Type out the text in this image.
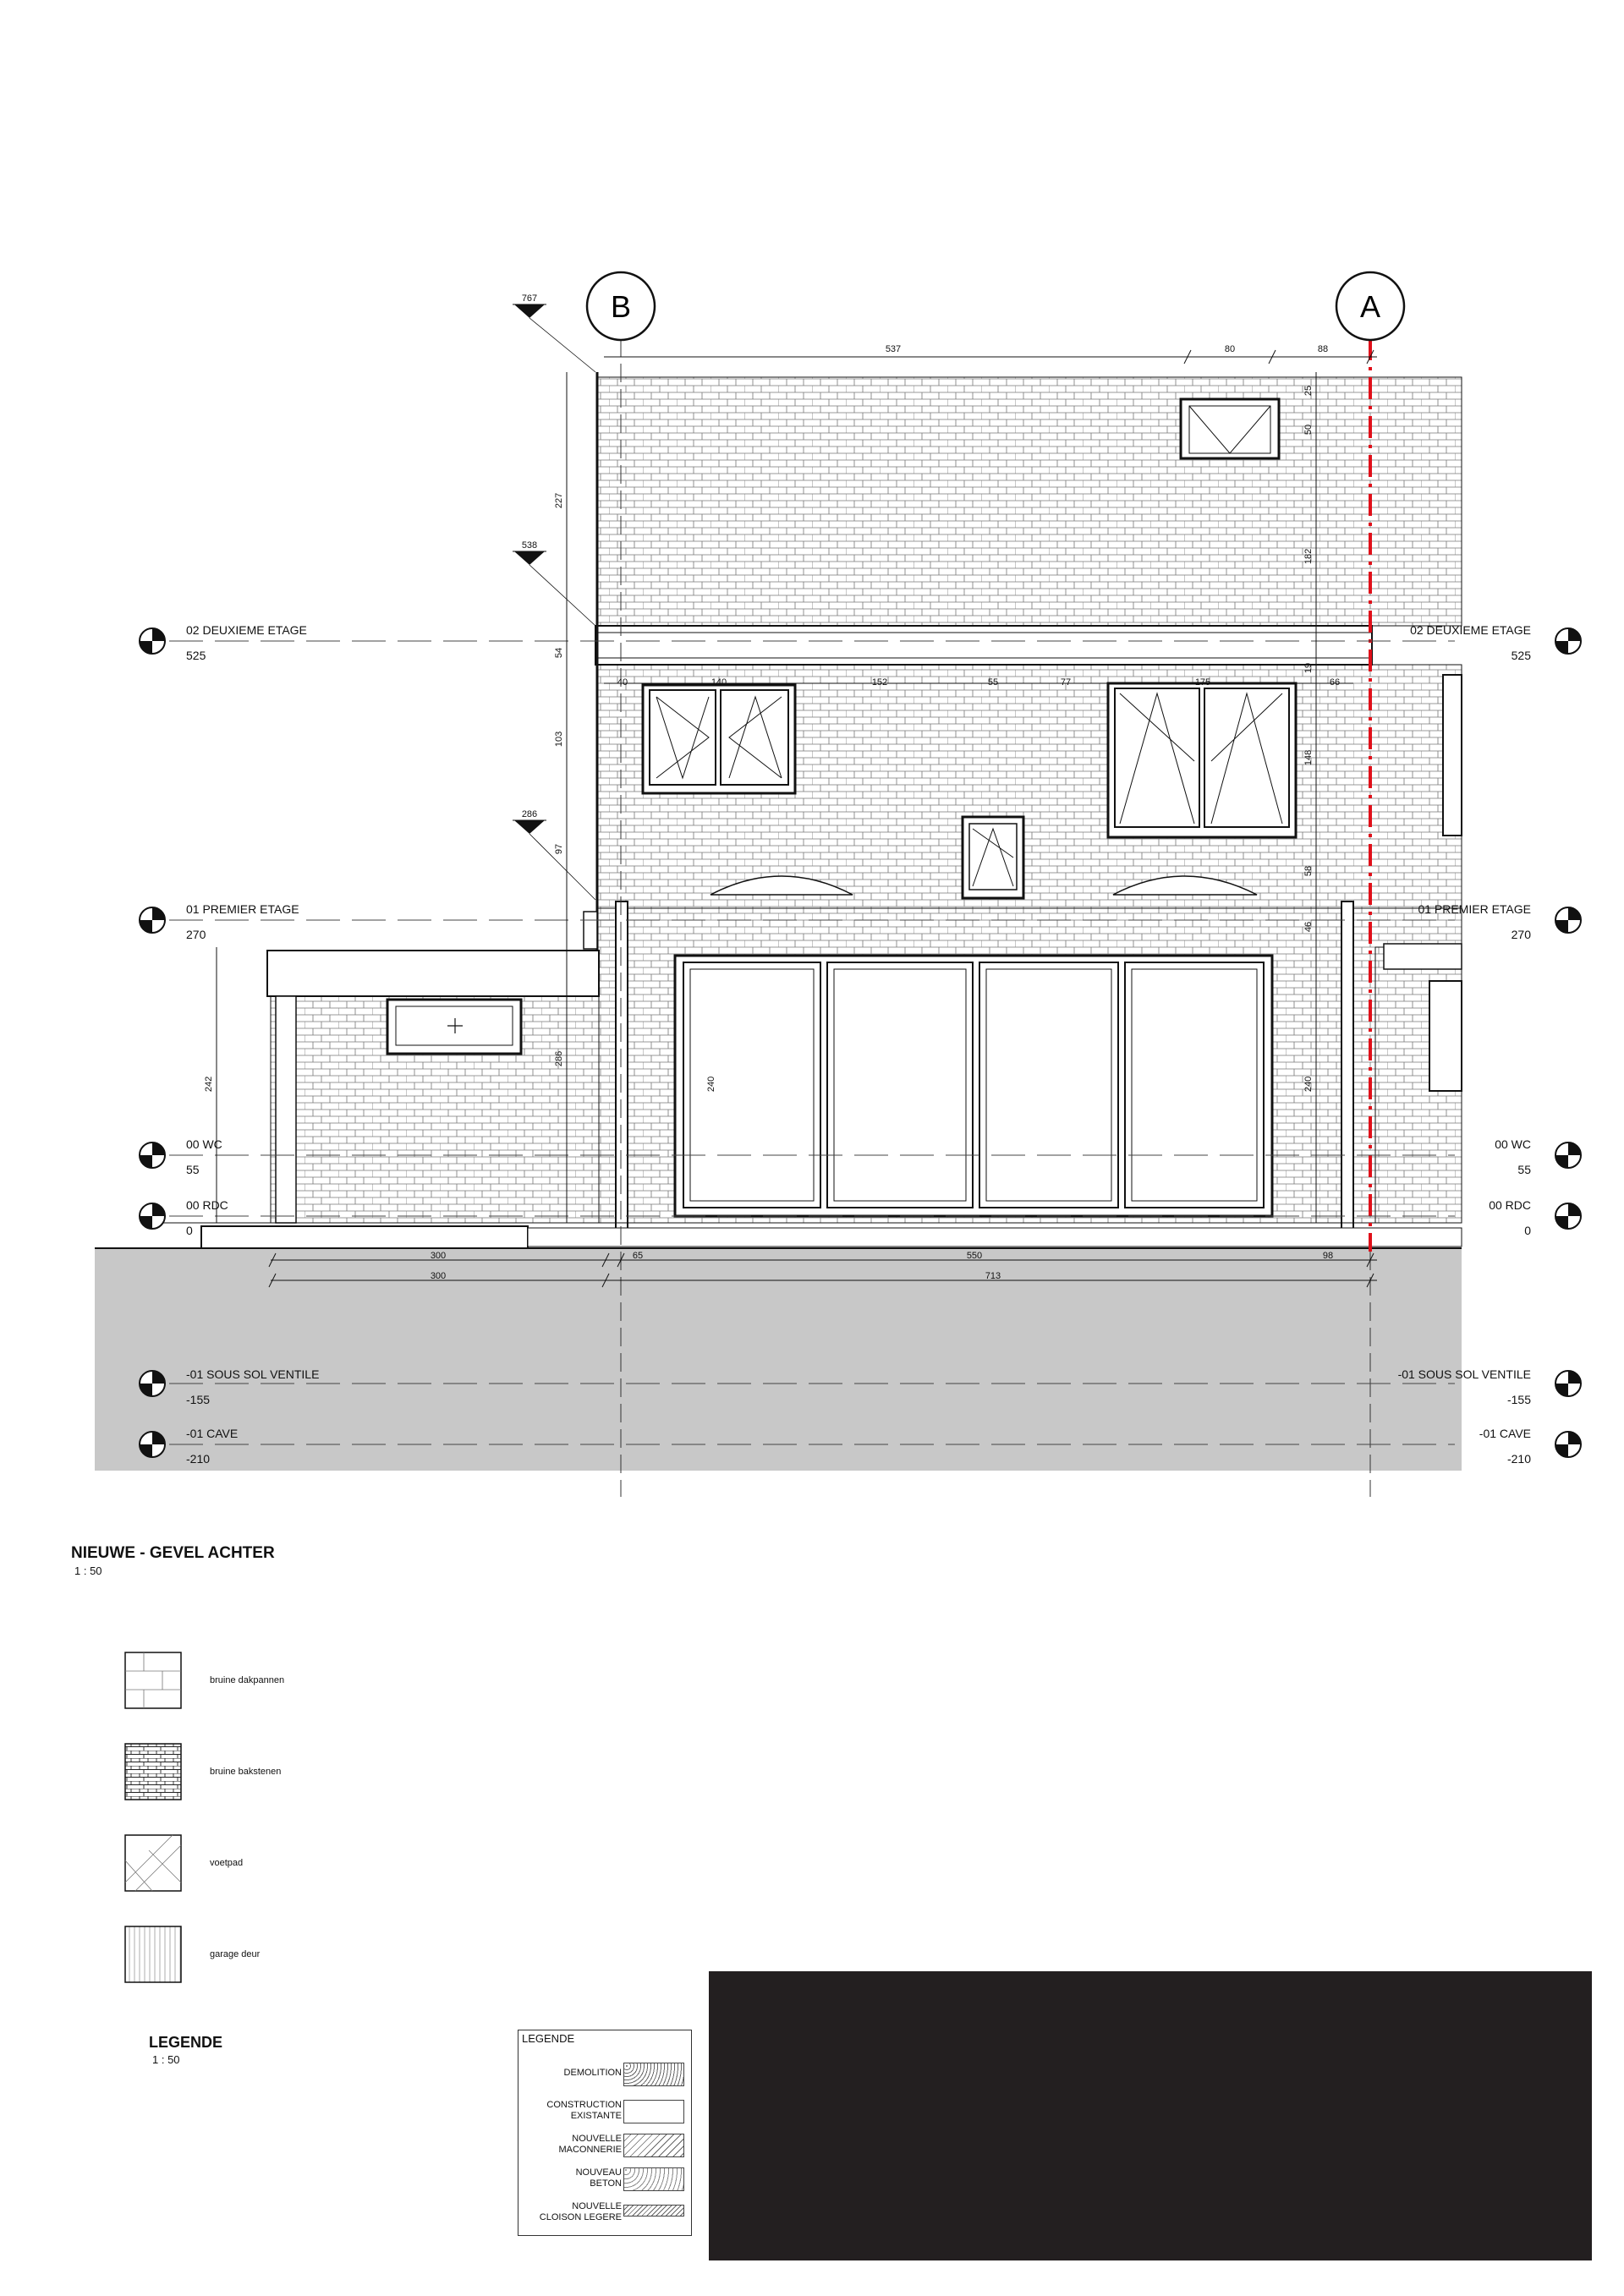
B	A
02 DEUXIEME ETAGE
525
01 PREMIER ETAGE
270
00 WC
55
00 RDC
0
-01 SOUS SOL VENTILE
-155
-01 CAVE
-210
02 DEUXIEME ETAGE
525
01 PREMIER ETAGE
270
00 WC
55
00 RDC
0
-01 SOUS SOL VENTILE
-155
-01 CAVE
-210
767
538
286
537	80	88
25
50
182
19
148
58
46
240
227
54
103
97
286
242
40	140	152	55	77	175	66
240
300	65	550	98
300	713
NIEUWE - GEVEL ACHTER
1 : 50
bruine dakpannen
bruine bakstenen
voetpad
garage deur
LEGENDE
1 : 50
LEGENDE
DEMOLITION
CONSTRUCTION
EXISTANTE
NOUVELLE
MACONNERIE
NOUVEAU
BETON
NOUVELLE
CLOISON LEGERE
